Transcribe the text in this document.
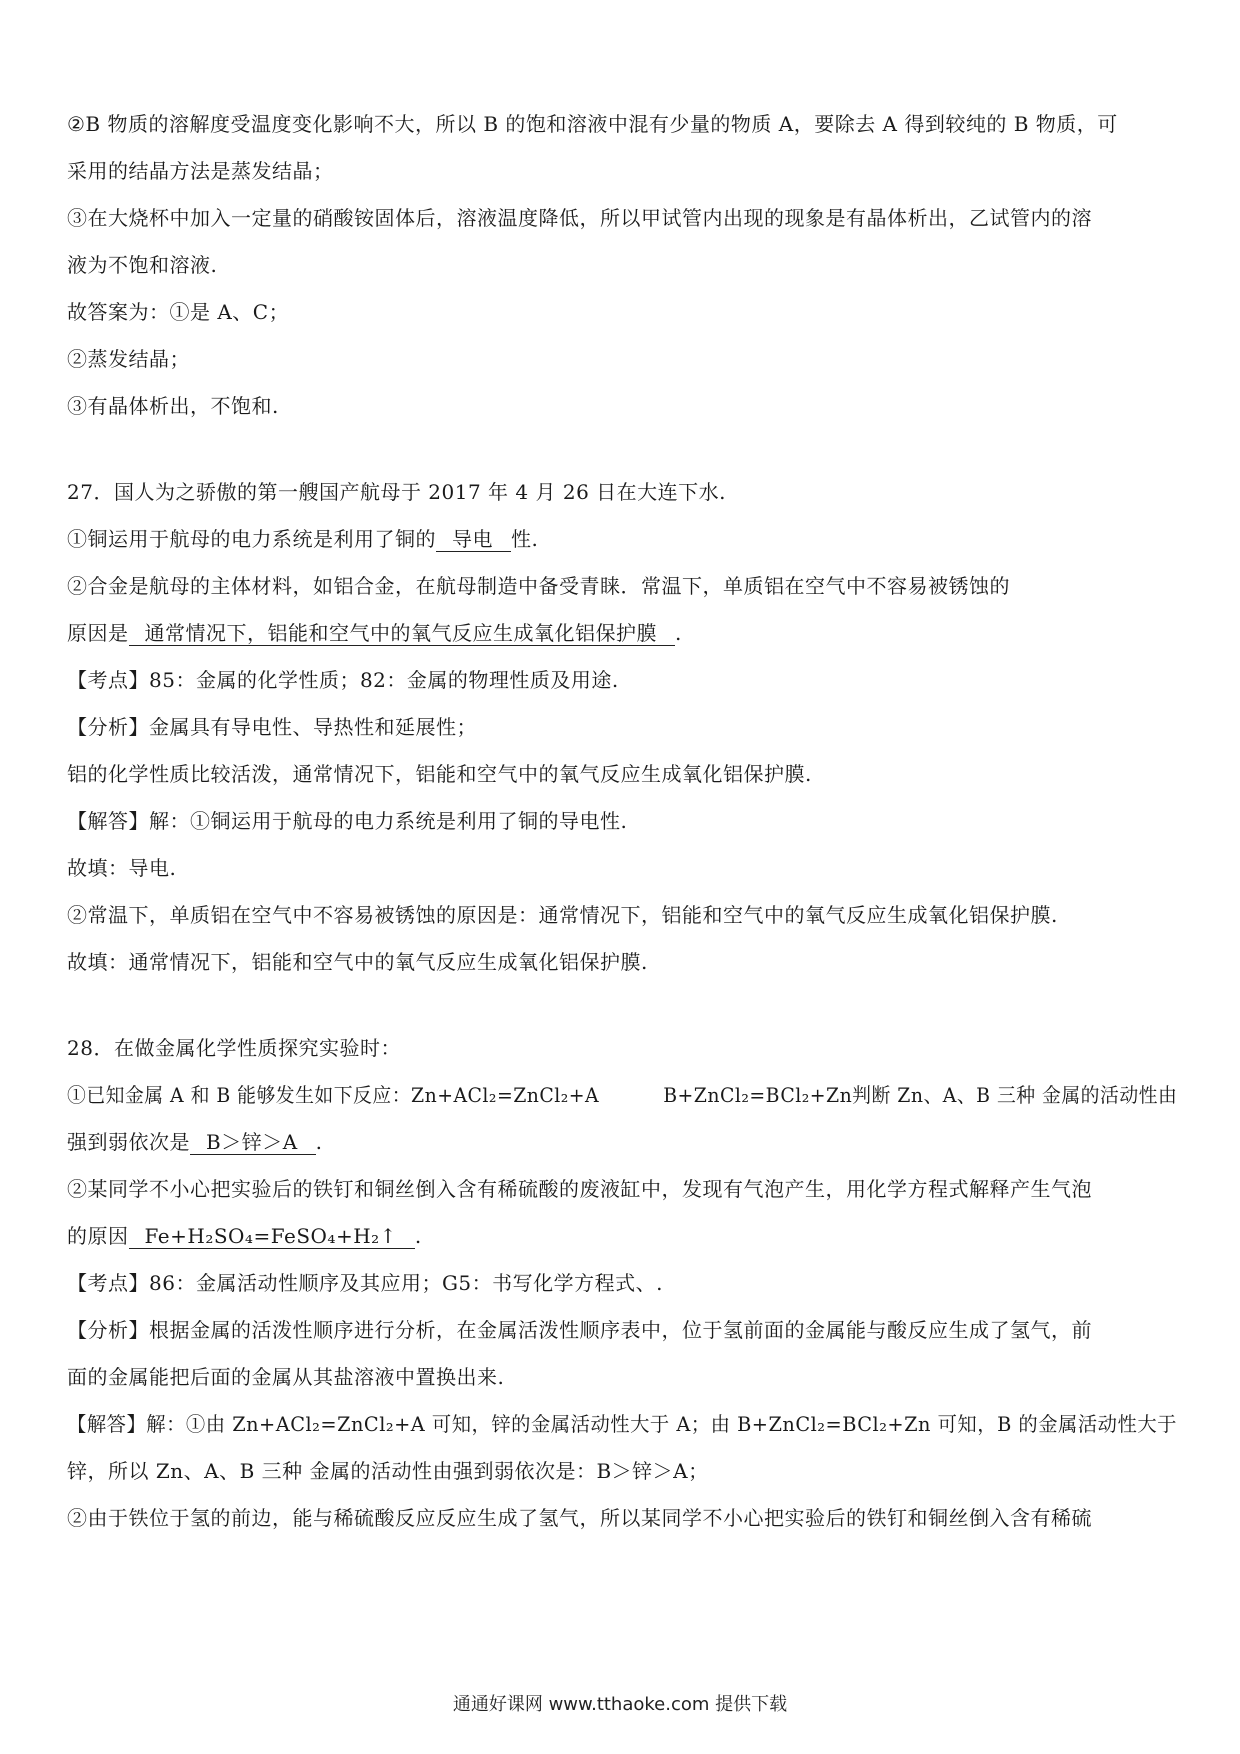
②B 物质的溶解度受温度变化影响不大，所以 B 的饱和溶液中混有少量的物质 A，要除去 A 得到较纯的 B 物质，可
采用的结晶方法是蒸发结晶；
③在大烧杯中加入一定量的硝酸铵固体后，溶液温度降低，所以甲试管内出现的现象是有晶体析出，乙试管内的溶
液为不饱和溶液.
故答案为：①是 A、C；
②蒸发结晶；
③有晶体析出，不饱和.
27．国人为之骄傲的第一艘国产航母于 2017 年 4 月 26 日在大连下水.
①铜运用于航母的电力系统是利用了铜的 导电 性.
②合金是航母的主体材料，如铝合金，在航母制造中备受青睐．常温下，单质铝在空气中不容易被锈蚀的
原因是 通常情况下，铝能和空气中的氧气反应生成氧化铝保护膜 .
【考点】85：金属的化学性质；82：金属的物理性质及用途.
【分析】金属具有导电性、导热性和延展性；
铝的化学性质比较活泼，通常情况下，铝能和空气中的氧气反应生成氧化铝保护膜.
【解答】解：①铜运用于航母的电力系统是利用了铜的导电性.
故填：导电.
②常温下，单质铝在空气中不容易被锈蚀的原因是：通常情况下，铝能和空气中的氧气反应生成氧化铝保护膜.
故填：通常情况下，铝能和空气中的氧气反应生成氧化铝保护膜.
28．在做金属化学性质探究实验时：
①已知金属 A 和 B 能够发生如下反应：Zn+ACl₂=ZnCl₂+A	B+ZnCl₂=BCl₂+Zn判断 Zn、A、B 三种 金属的活动性由
强到弱依次是 B＞锌＞A .
②某同学不小心把实验后的铁钉和铜丝倒入含有稀硫酸的废液缸中，发现有气泡产生，用化学方程式解释产生气泡
的原因 Fe+H₂SO₄=FeSO₄+H₂↑ .
【考点】86：金属活动性顺序及其应用；G5：书写化学方程式、.
【分析】根据金属的活泼性顺序进行分析，在金属活泼性顺序表中，位于氢前面的金属能与酸反应生成了氢气，前
面的金属能把后面的金属从其盐溶液中置换出来.
【解答】解：①由 Zn+ACl₂=ZnCl₂+A 可知，锌的金属活动性大于 A；由 B+ZnCl₂=BCl₂+Zn 可知，B 的金属活动性大于
锌，所以 Zn、A、B 三种 金属的活动性由强到弱依次是：B＞锌＞A；
②由于铁位于氢的前边，能与稀硫酸反应反应生成了氢气，所以某同学不小心把实验后的铁钉和铜丝倒入含有稀硫
通通好课网 www.tthaoke.com 提供下载
